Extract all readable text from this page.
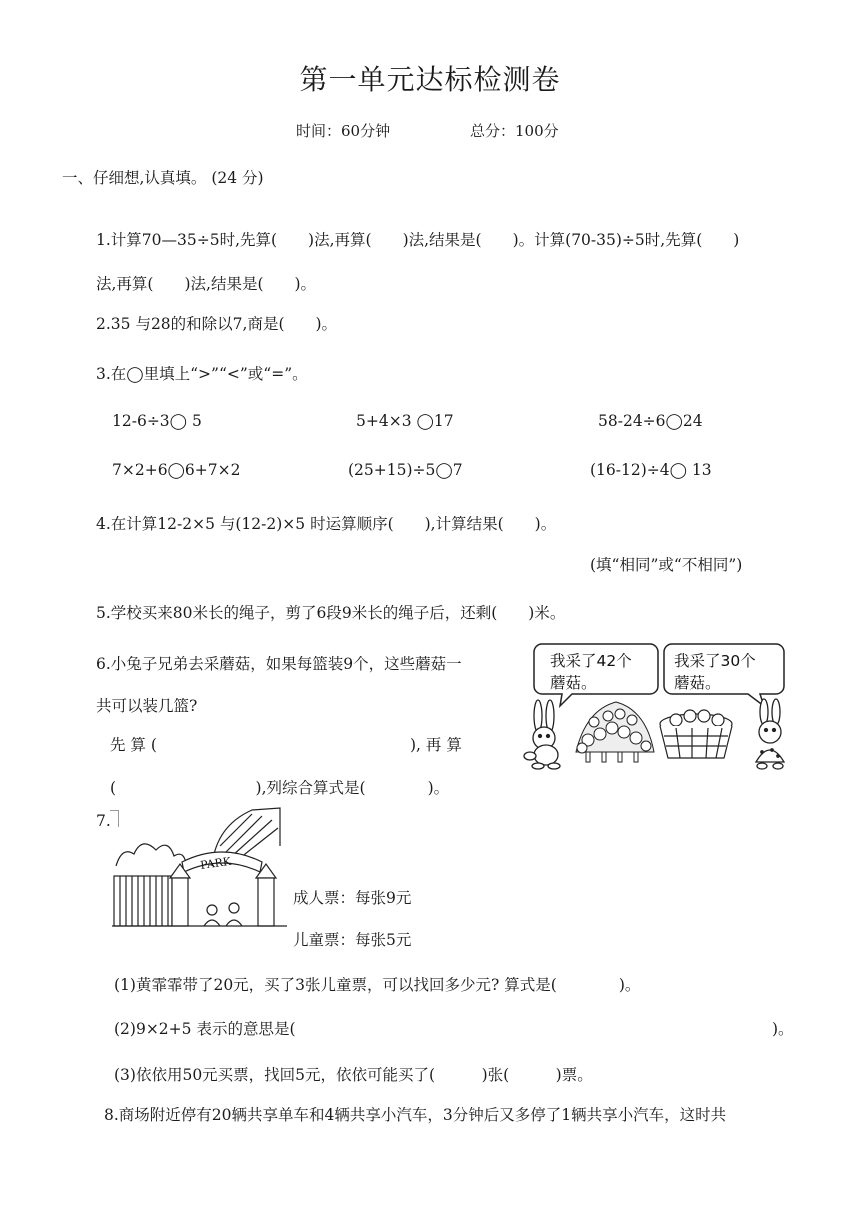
第一单元达标检测卷
时间：60分钟	总分：100分
一、仔细想,认真填。 (24 分)
1.计算70—35÷5时,先算(　　)法,再算(　　)法,结果是(　　)。计算(70-35)÷5时,先算(　　)
法,再算(　　)法,结果是(　　)。
2.35 与28的和除以7,商是(　　)。
3.在◯里填上“>”“<”或“=”。
12-6÷3◯ 5	5+4×3 ◯17	58-24÷6◯24
7×2+6◯6+7×2	(25+15)÷5◯7	(16-12)÷4◯ 13
4.在计算12-2×5 与(12-2)×5 时运算顺序(　　),计算结果(　　)。
(填“相同”或“不相同”)
5.学校买来80米长的绳子，剪了6段9米长的绳子后，还剩(　　)米。
6.小兔子兄弟去采蘑菇，如果每篮装9个，这些蘑菇一
共可以装几篮?
先 算 (	), 再 算
(　　　　　　　　　),列综合算式是(　　　　)。
我采了42个
蘑菇。
我采了30个
蘑菇。
7.
PARK
成人票：每张9元
儿童票：每张5元
(1)黄霏霏带了20元，买了3张儿童票，可以找回多少元? 算式是(　　　　)。
(2)9×2+5 表示的意思是(	)。
(3)依依用50元买票，找回5元，依依可能买了(　　　)张(　　　)票。
8.商场附近停有20辆共享单车和4辆共享小汽车，3分钟后又多停了1辆共享小汽车，这时共
